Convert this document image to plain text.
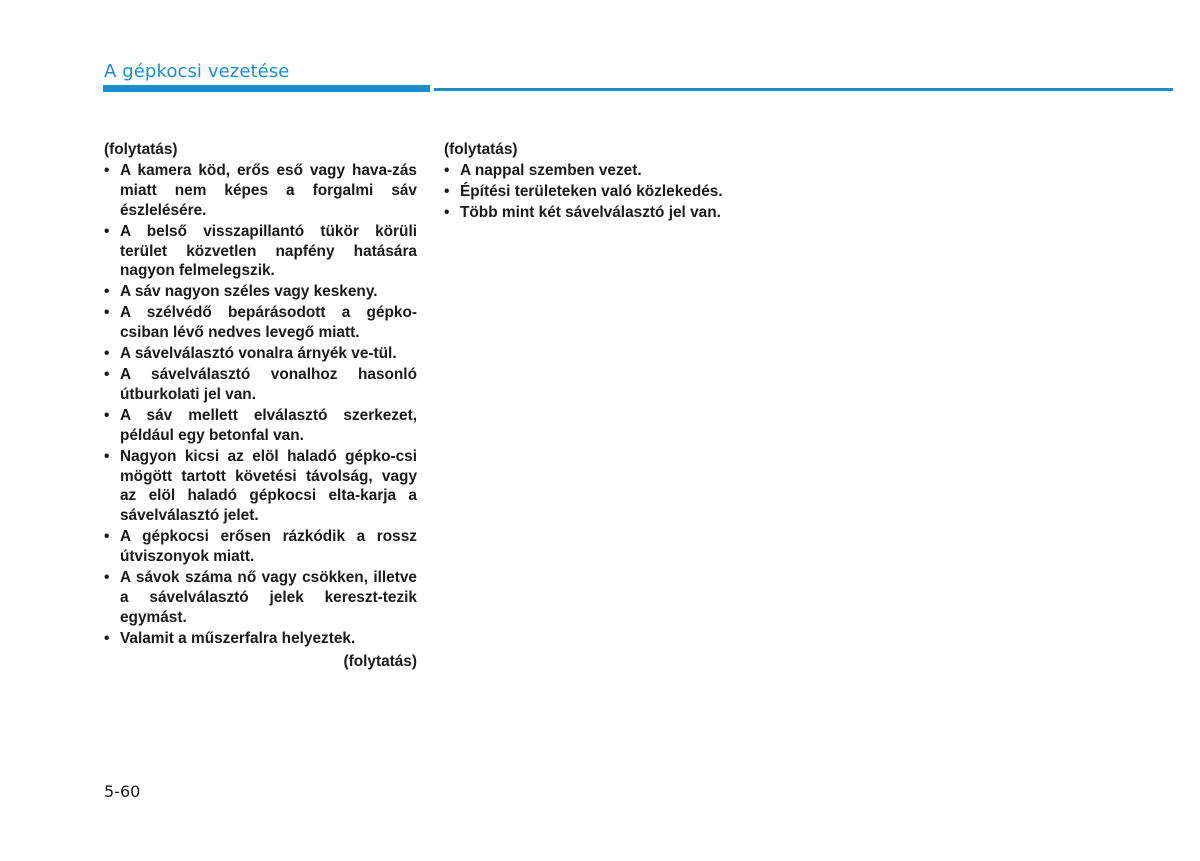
A gépkocsi vezetése

(folytatás)

• A kamera köd, erős eső vagy hava-zás miatt nem képes a forgalmi sáv észlelésére.
• A belső visszapillantó tükör körüli terület közvetlen napfény hatására nagyon felmelegszik.
• A sáv nagyon széles vagy keskeny.
• A szélvédő bepárásodott a gépko-csiban lévő nedves levegő miatt.
• A sávelválasztó vonalra árnyék ve-tül.
• A sávelválasztó vonalhoz hasonló útburkolati jel van.
• A sáv mellett elválasztó szerkezet, például egy betonfal van.
• Nagyon kicsi az elöl haladó gépko-csi mögött tartott követési távolság, vagy az elöl haladó gépkocsi elta-karja a sávelválasztó jelet.
• A gépkocsi erősen rázkódik a rossz útviszonyok miatt.
• A sávok száma nő vagy csökken, illetve a sávelválasztó jelek kereszt-tezik egymást.
• Valamit a műszerfalra helyeztek.

(folytatás)

(folytatás)

• A nappal szemben vezet.
• Építési területeken való közlekedés.
• Több mint két sávelválasztó jel van.
5-60
